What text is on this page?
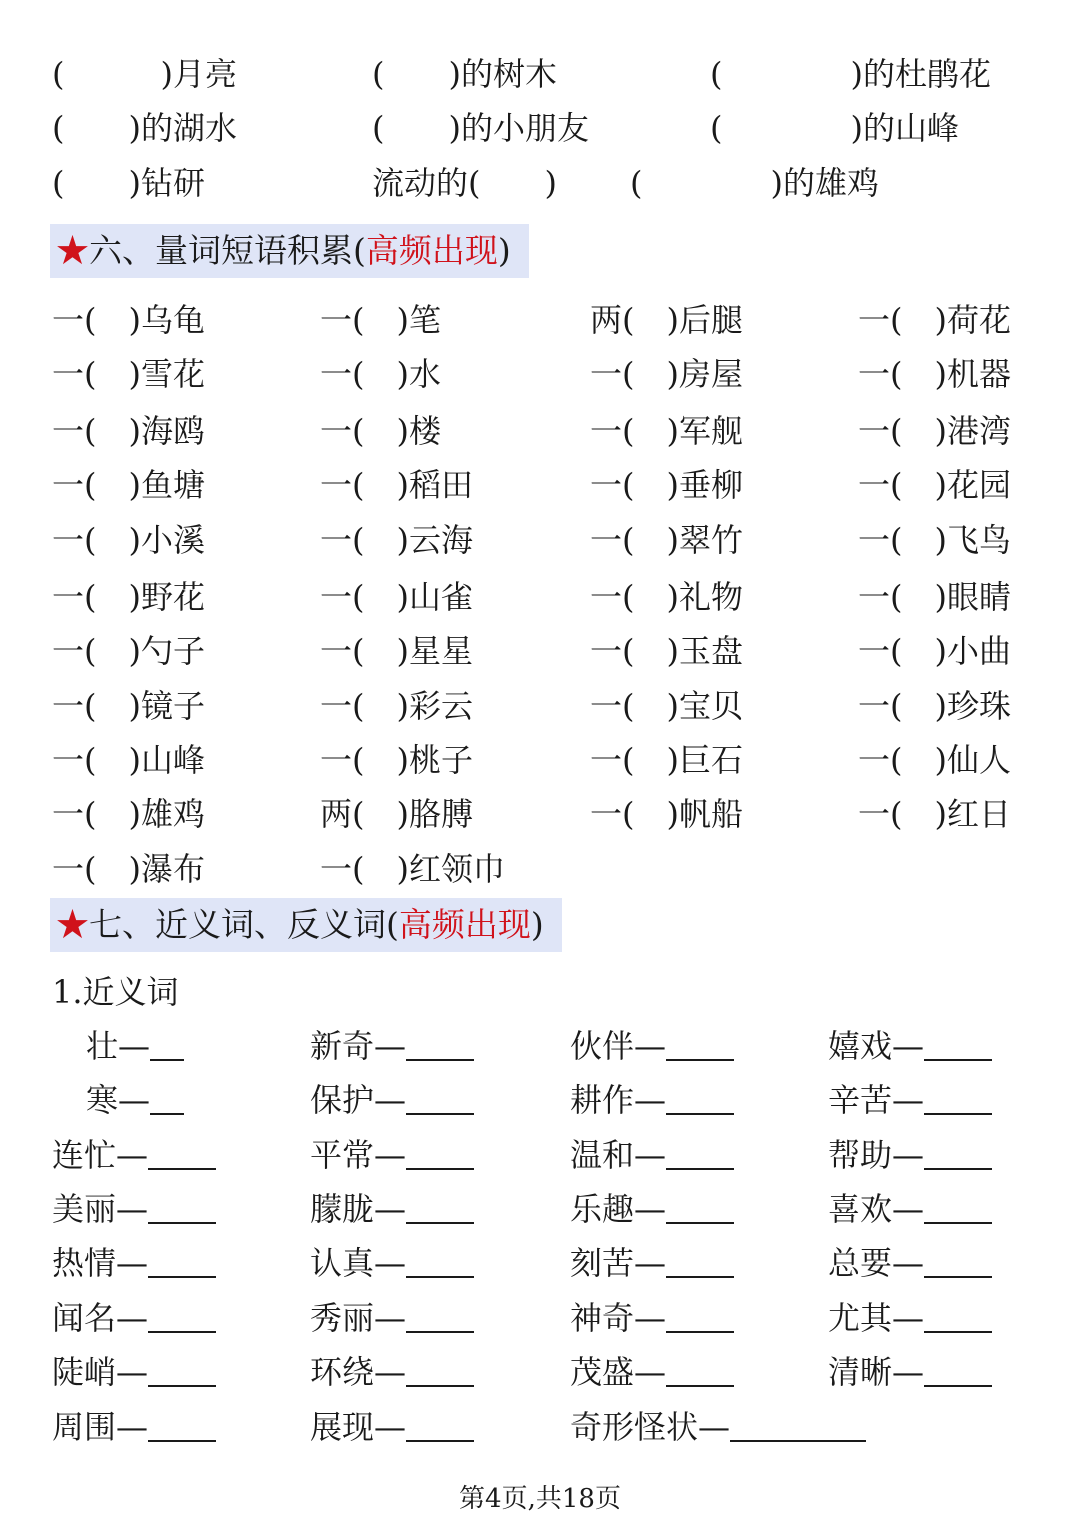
(　　　)月亮	(　　)的树木	(　　　　)的杜鹃花
(　　)的湖水	(　　)的小朋友	(　　　　)的山峰
(　　)钻研	流动的(　　) (　　　　)的雄鸡
★六、量词短语积累(高频出现)
一(　)乌龟	一(　)笔	两(　)后腿	一(　)荷花
一(　)雪花	一(　)水	一(　)房屋	一(　)机器
一(　)海鸥	一(　)楼	一(　)军舰	一(　)港湾
一(　)鱼塘	一(　)稻田	一(　)垂柳	一(　)花园
一(　)小溪	一(　)云海	一(　)翠竹	一(　)飞鸟
一(　)野花	一(　)山雀	一(　)礼物	一(　)眼睛
一(　)勺子	一(　)星星	一(　)玉盘	一(　)小曲
一(　)镜子	一(　)彩云	一(　)宝贝	一(　)珍珠
一(　)山峰	一(　)桃子	一(　)巨石	一(　)仙人
一(　)雄鸡	两(　)胳膊	一(　)帆船	一(　)红日
一(　)瀑布	一(　)红领巾
★七、近义词、反义词(高频出现)
1.近义词
壮—	新奇—	伙伴—	嬉戏—
寒—	保护—	耕作—	辛苦—
连忙—	平常—	温和—	帮助—
美丽—	朦胧—	乐趣—	喜欢—
热情—	认真—	刻苦—	总要—
闻名—	秀丽—	神奇—	尤其—
陡峭—	环绕—	茂盛—	清晰—
周围—	展现—	奇形怪状—
第4页,共18页
